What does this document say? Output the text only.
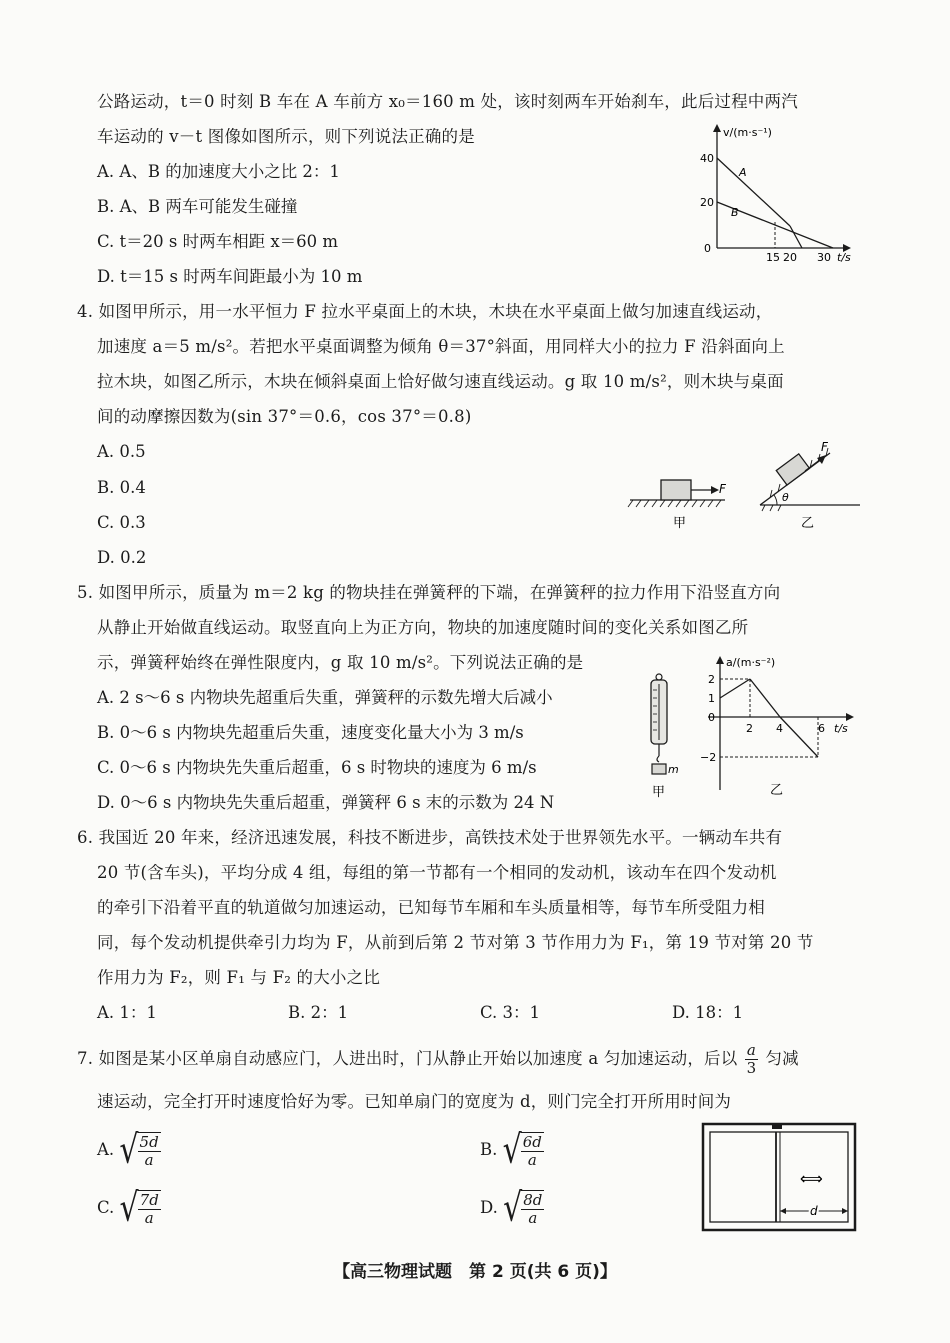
公路运动，t＝0 时刻 B 车在 A 车前方 x₀＝160 m 处，该时刻两车开始刹车，此后过程中两汽
车运动的 v－t 图像如图所示，则下列说法正确的是
A. A、B 的加速度大小之比 2：1
B. A、B 两车可能发生碰撞
C. t＝20 s 时两车相距 x＝60 m
D. t＝15 s 时两车间距最小为 10 m
v/(m·s⁻¹)
40
20
0
A
B
15 20 30 t/s
4. 如图甲所示，用一水平恒力 F 拉水平桌面上的木块，木块在水平桌面上做匀加速直线运动，
加速度 a＝5 m/s²。若把水平桌面调整为倾角 θ＝37°斜面，用同样大小的拉力 F 沿斜面向上
拉木块，如图乙所示，木块在倾斜桌面上恰好做匀速直线运动。g 取 10 m/s²，则木块与桌面
间的动摩擦因数为(sin 37°＝0.6，cos 37°＝0.8)
A. 0.5
B. 0.4
C. 0.3
D. 0.2
F
甲
F
θ
乙
5. 如图甲所示，质量为 m＝2 kg 的物块挂在弹簧秤的下端，在弹簧秤的拉力作用下沿竖直方向
从静止开始做直线运动。取竖直向上为正方向，物块的加速度随时间的变化关系如图乙所
示，弹簧秤始终在弹性限度内，g 取 10 m/s²。下列说法正确的是
A. 2 s～6 s 内物块先超重后失重，弹簧秤的示数先增大后减小
B. 0～6 s 内物块先超重后失重，速度变化量大小为 3 m/s
C. 0～6 s 内物块先失重后超重，6 s 时物块的速度为 6 m/s
D. 0～6 s 内物块先失重后超重，弹簧秤 6 s 末的示数为 24 N
m
甲
a/(m·s⁻²)
2
1
0
−2
2 4	6 t/s
乙
6. 我国近 20 年来，经济迅速发展，科技不断进步，高铁技术处于世界领先水平。一辆动车共有
20 节(含车头)，平均分成 4 组，每组的第一节都有一个相同的发动机，该动车在四个发动机
的牵引下沿着平直的轨道做匀加速运动，已知每节车厢和车头质量相等，每节车所受阻力相
同，每个发动机提供牵引力均为 F，从前到后第 2 节对第 3 节作用力为 F₁，第 19 节对第 20 节
作用力为 F₂，则 F₁ 与 F₂ 的大小之比
A. 1：1	B. 2：1	C. 3：1	D. 18：1
7. 如图是某小区单扇自动感应门，人进出时，门从静止开始以加速度 a 匀加速运动，后以 $\frac{a}{3}$ 匀减
速运动，完全打开时速度恰好为零。已知单扇门的宽度为 d，则门完全打开所用时间为
A. √ $\frac{5d}{a}$	B. √ $\frac{6d}{a}$
C. √ $\frac{7d}{a}$	D. √ $\frac{8d}{a}$
⟺
d
【高三物理试题　第 2 页(共 6 页)】
